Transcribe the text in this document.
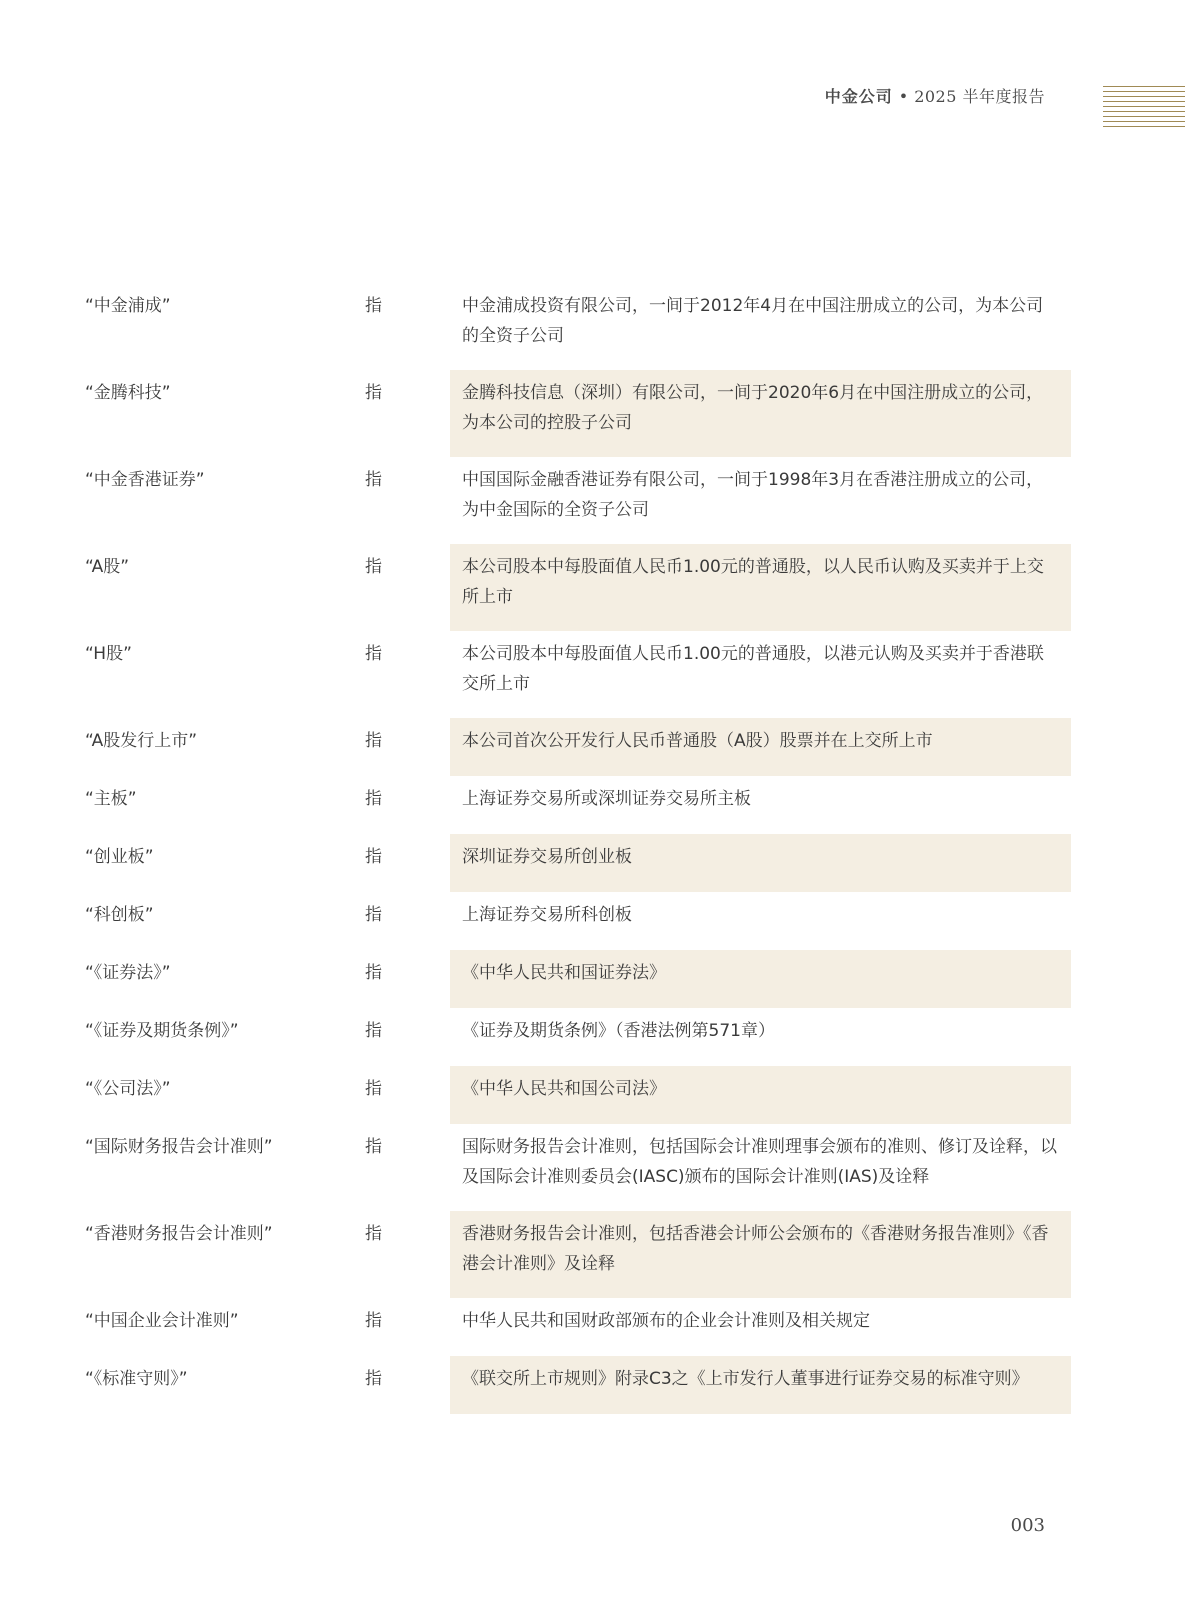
中金公司 • 2025 半年度报告
“中金浦成”	指	中金浦成投资有限公司，一间于2012年4月在中国注册成立的公司，为本公司的全资子公司
“金腾科技”	指	金腾科技信息（深圳）有限公司，一间于2020年6月在中国注册成立的公司，为本公司的控股子公司
“中金香港证券”	指	中国国际金融香港证券有限公司，一间于1998年3月在香港注册成立的公司，为中金国际的全资子公司
“A股”	指	本公司股本中每股面值人民币1.00元的普通股，以人民币认购及买卖并于上交所上市
“H股”	指	本公司股本中每股面值人民币1.00元的普通股，以港元认购及买卖并于香港联交所上市
“A股发行上市”	指	本公司首次公开发行人民币普通股（A股）股票并在上交所上市
“主板”	指	上海证券交易所或深圳证券交易所主板
“创业板”	指	深圳证券交易所创业板
“科创板”	指	上海证券交易所科创板
“《证券法》”	指	《中华人民共和国证券法》
“《证券及期货条例》”	指	《证券及期货条例》（香港法例第571章）
“《公司法》”	指	《中华人民共和国公司法》
“国际财务报告会计准则”	指	国际财务报告会计准则，包括国际会计准则理事会颁布的准则、修订及诠释，以及国际会计准则委员会(IASC)颁布的国际会计准则(IAS)及诠释
“香港财务报告会计准则”	指	香港财务报告会计准则，包括香港会计师公会颁布的《香港财务报告准则》《香港会计准则》及诠释
“中国企业会计准则”	指	中华人民共和国财政部颁布的企业会计准则及相关规定
“《标准守则》”	指	《联交所上市规则》附录C3之《上市发行人董事进行证券交易的标准守则》
003
